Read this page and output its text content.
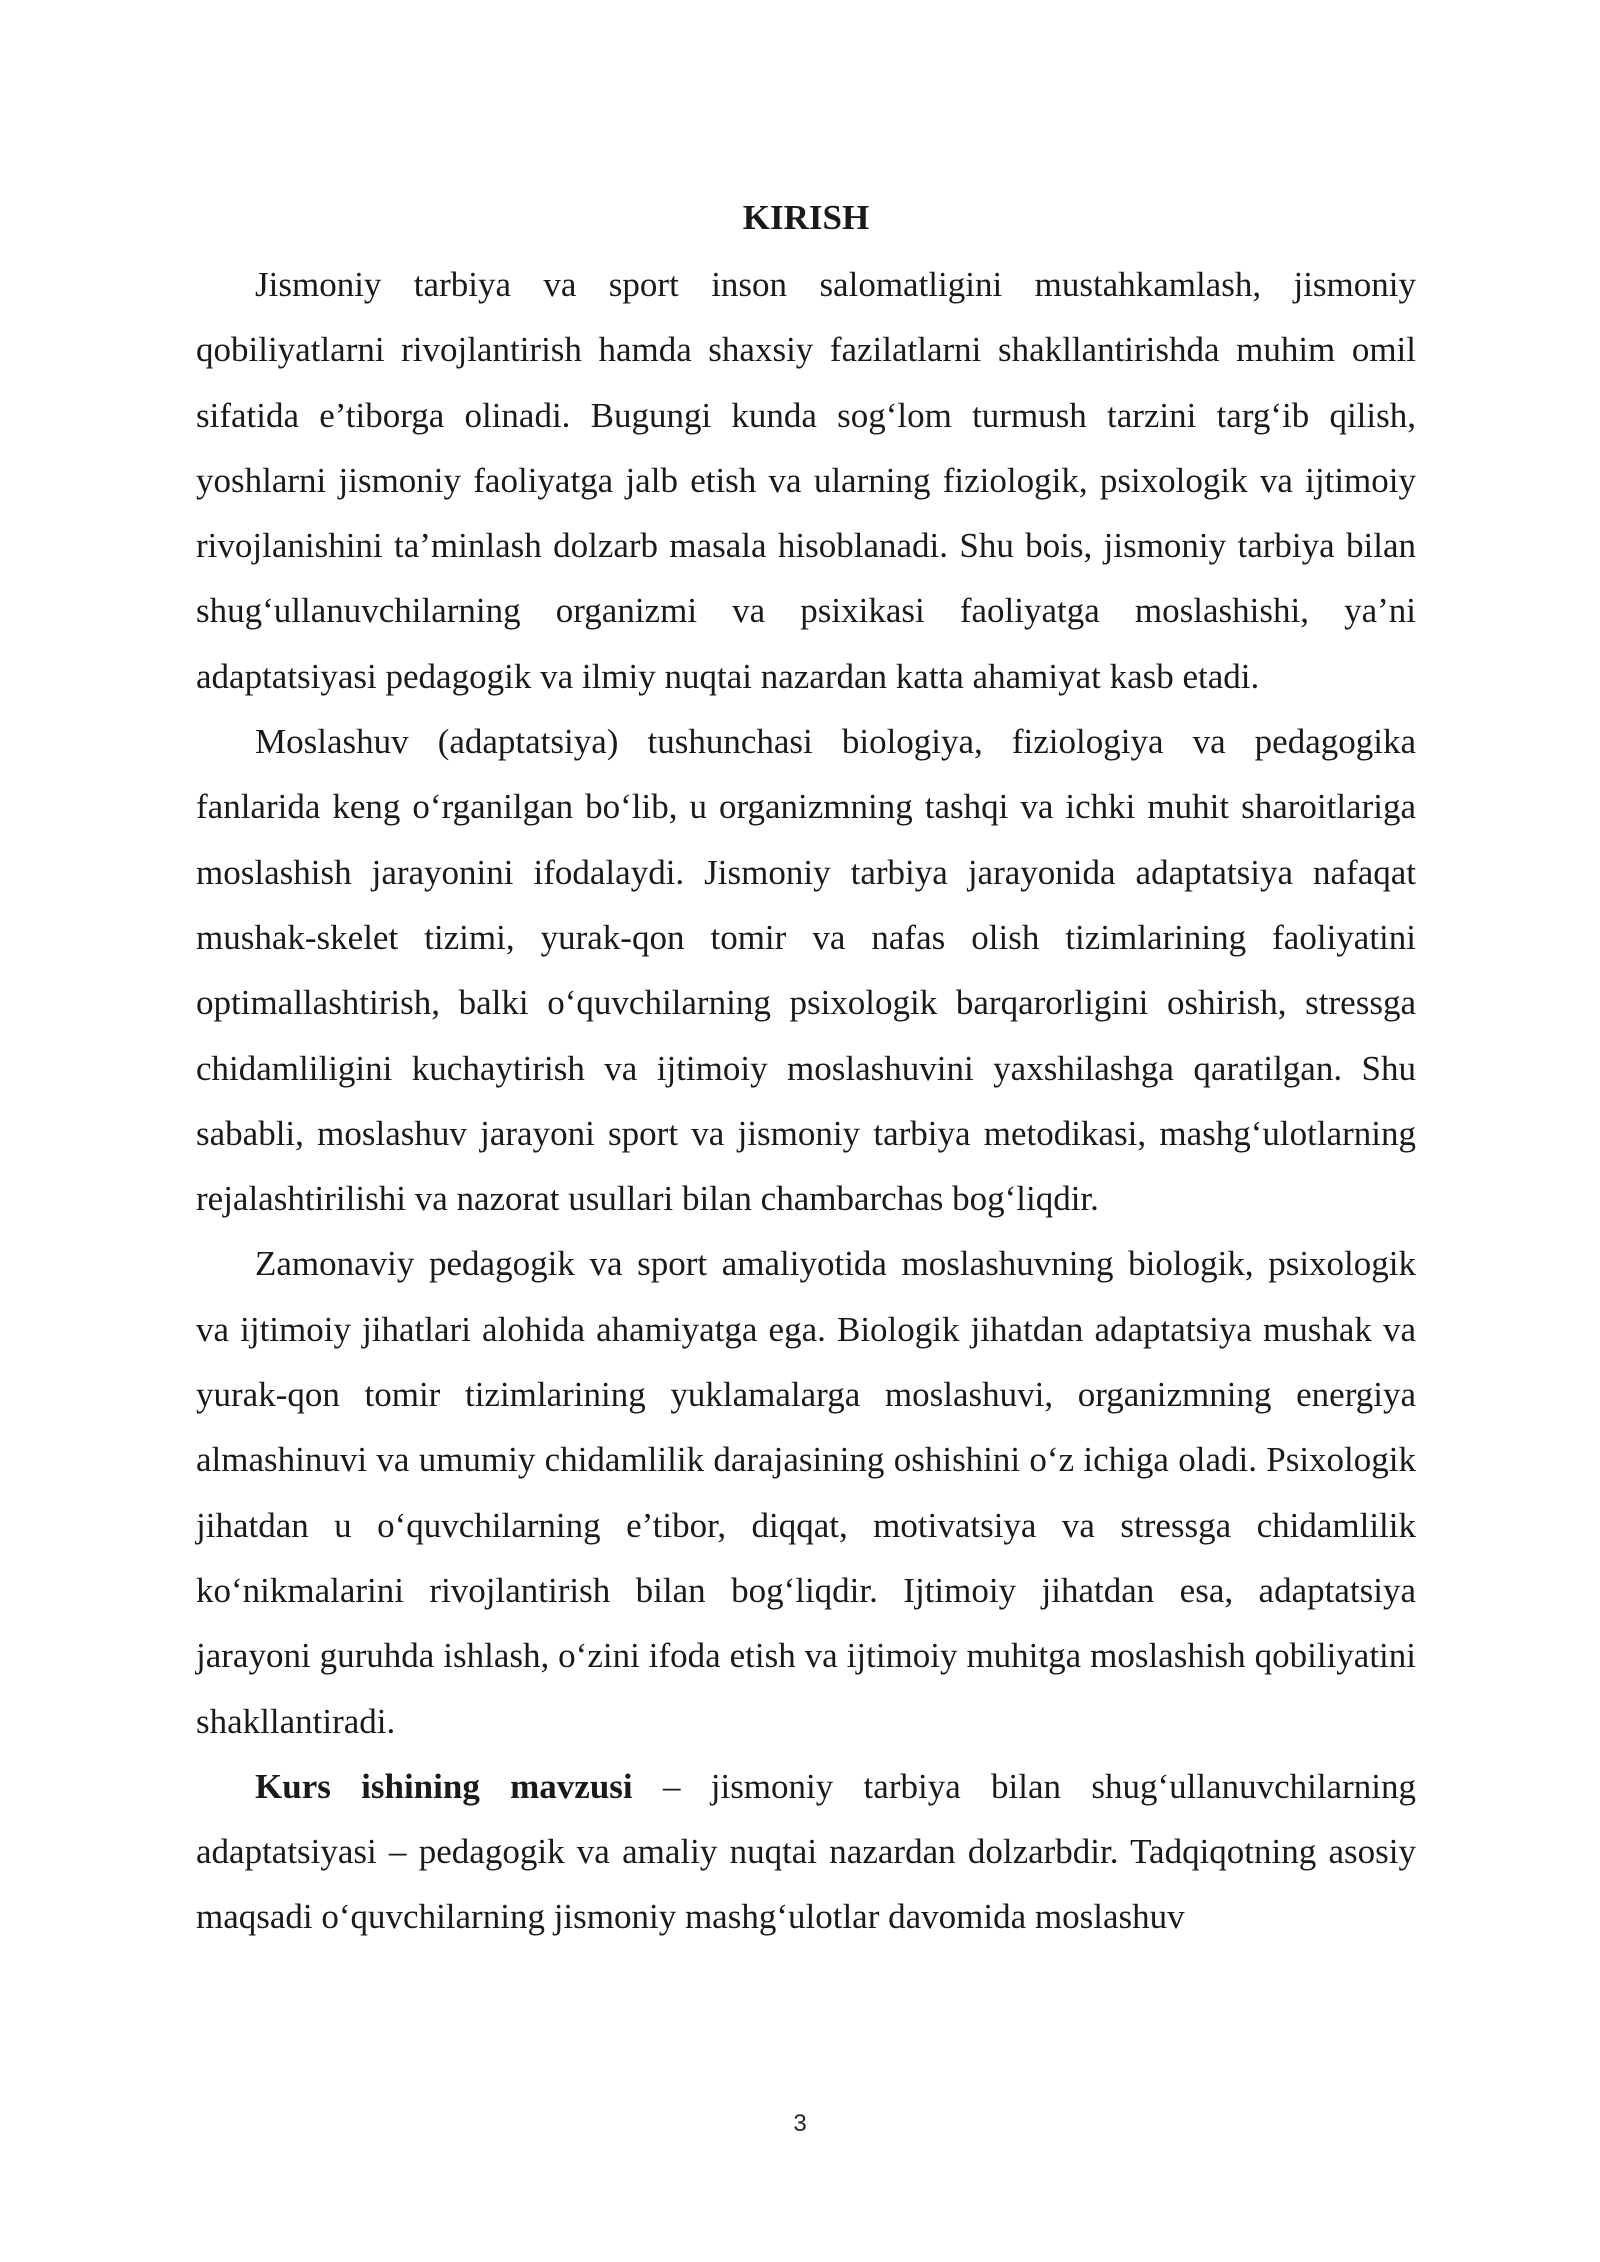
KIRISH

Jismoniy tarbiya va sport inson salomatligini mustahkamlash, jismoniy qobiliyatlarni rivojlantirish hamda shaxsiy fazilatlarni shakllantirishda muhim omil sifatida e’tiborga olinadi. Bugungi kunda sog‘lom turmush tarzini targ‘ib qilish, yoshlarni jismoniy faoliyatga jalb etish va ularning fiziologik, psixologik va ijtimoiy rivojlanishini ta’minlash dolzarb masala hisoblanadi. Shu bois, jismoniy tarbiya bilan shug‘ullanuvchilarning organizmi va psixikasi faoliyatga moslashishi, ya’ni adaptatsiyasi pedagogik va ilmiy nuqtai nazardan katta ahamiyat kasb etadi.

Moslashuv (adaptatsiya) tushunchasi biologiya, fiziologiya va pedagogika fanlarida keng o‘rganilgan bo‘lib, u organizmning tashqi va ichki muhit sharoitlariga moslashish jarayonini ifodalaydi. Jismoniy tarbiya jarayonida adaptatsiya nafaqat mushak-skelet tizimi, yurak-qon tomir va nafas olish tizimlarining faoliyatini optimallashtirish, balki o‘quvchilarning psixologik barqarorligini oshirish, stressga chidamliligini kuchaytirish va ijtimoiy moslashuvini yaxshilashga qaratilgan. Shu sababli, moslashuv jarayoni sport va jismoniy tarbiya metodikasi, mashg‘ulotlarning rejalashtirilishi va nazorat usullari bilan chambarchas bog‘liqdir.

Zamonaviy pedagogik va sport amaliyotida moslashuvning biologik, psixologik va ijtimoiy jihatlari alohida ahamiyatga ega. Biologik jihatdan adaptatsiya mushak va yurak-qon tomir tizimlarining yuklamalarga moslashuvi, organizmning energiya almashinuvi va umumiy chidamlilik darajasining oshishini o‘z ichiga oladi. Psixologik jihatdan u o‘quvchilarning e’tibor, diqqat, motivatsiya va stressga chidamlilik ko‘nikmalarini rivojlantirish bilan bog‘liqdir. Ijtimoiy jihatdan esa, adaptatsiya jarayoni guruhda ishlash, o‘zini ifoda etish va ijtimoiy muhitga moslashish qobiliyatini shakllantiradi.

Kurs ishining mavzusi – jismoniy tarbiya bilan shug‘ullanuvchilarning adaptatsiyasi – pedagogik va amaliy nuqtai nazardan dolzarbdir. Tadqiqotning asosiy maqsadi o‘quvchilarning jismoniy mashg‘ulotlar davomida moslashuv

3
